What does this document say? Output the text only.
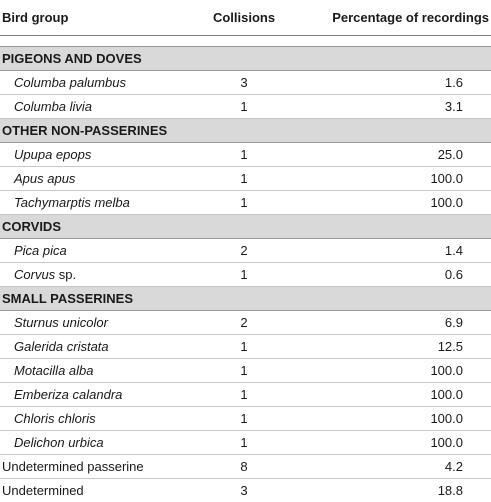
Bird group	Collisions	Percentage of recordings

PIGEONS AND DOVES		
Columba palumbus	3	1.6
Columba livia	1	3.1
OTHER NON-PASSERINES		
Upupa epops	1	25.0
Apus apus	1	100.0
Tachymarptis melba	1	100.0
CORVIDS		
Pica pica	2	1.4
Corvus sp.	1	0.6
SMALL PASSERINES		
Sturnus unicolor	2	6.9
Galerida cristata	1	12.5
Motacilla alba	1	100.0
Emberiza calandra	1	100.0
Chloris chloris	1	100.0
Delichon urbica	1	100.0
Undetermined passerine	8	4.2
Undetermined	3	18.8
